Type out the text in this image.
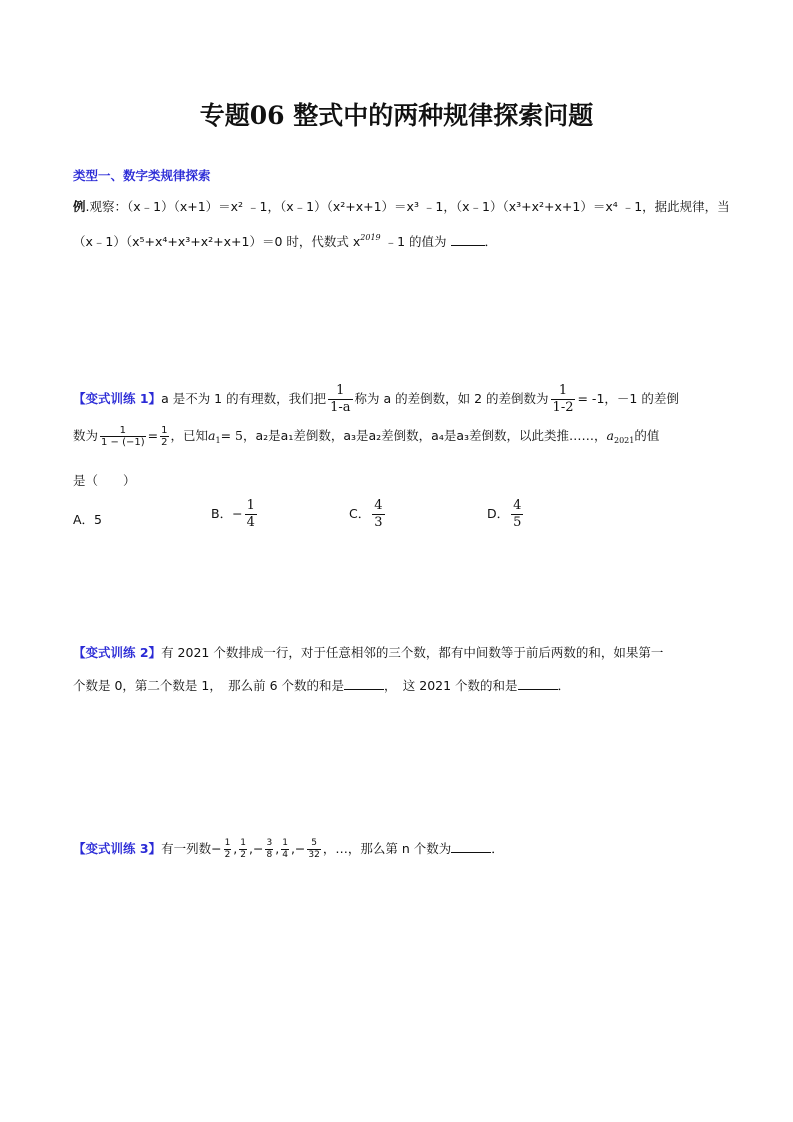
专题06 整式中的两种规律探索问题
类型一、数字类规律探索
例.观察：（x﹣1）（x+1）＝x² ﹣1，（x﹣1）（x²+x+1）＝x³ ﹣1，（x﹣1）（x³+x²+x+1）＝x⁴ ﹣1，据此规律，当
（x﹣1）（x⁵+x⁴+x³+x²+x+1）＝0 时，代数式 $x^{2019}$ ﹣1 的值为	．
【变式训练 1】a 是不为 1 的有理数，我们把 $\frac{1}{1-a}$ 称为 a 的差倒数，如 2 的差倒数为 $\frac{1}{1-2} = -1$，－1 的差倒
数为 $\frac{1}{1 - (-1)} = \frac{1}{2}$ ，已知$a_1= 5$，a₂是a₁差倒数，a₃是a₂差倒数，a₄是a₃差倒数，以此类推……，$a_{2021}$的值
是（　　）
A．5	B．− $\frac{1}{4}$	C． $\frac{4}{3}$	D． $\frac{4}{5}$
【变式训练 2】有 2021 个数排成一行，对于任意相邻的三个数，都有中间数等于前后两数的和，如果第一
个数是 0，第二个数是 1，　那么前 6 个数的和是	，　这 2021 个数的和是	．
【变式训练 3】有一列数− $\frac{1}{2}$ , $\frac{1}{2}$ ,− $\frac{3}{8}$ , $\frac{1}{4}$ ,− $\frac{5}{32}$ ，…，那么第 n 个数为	．
